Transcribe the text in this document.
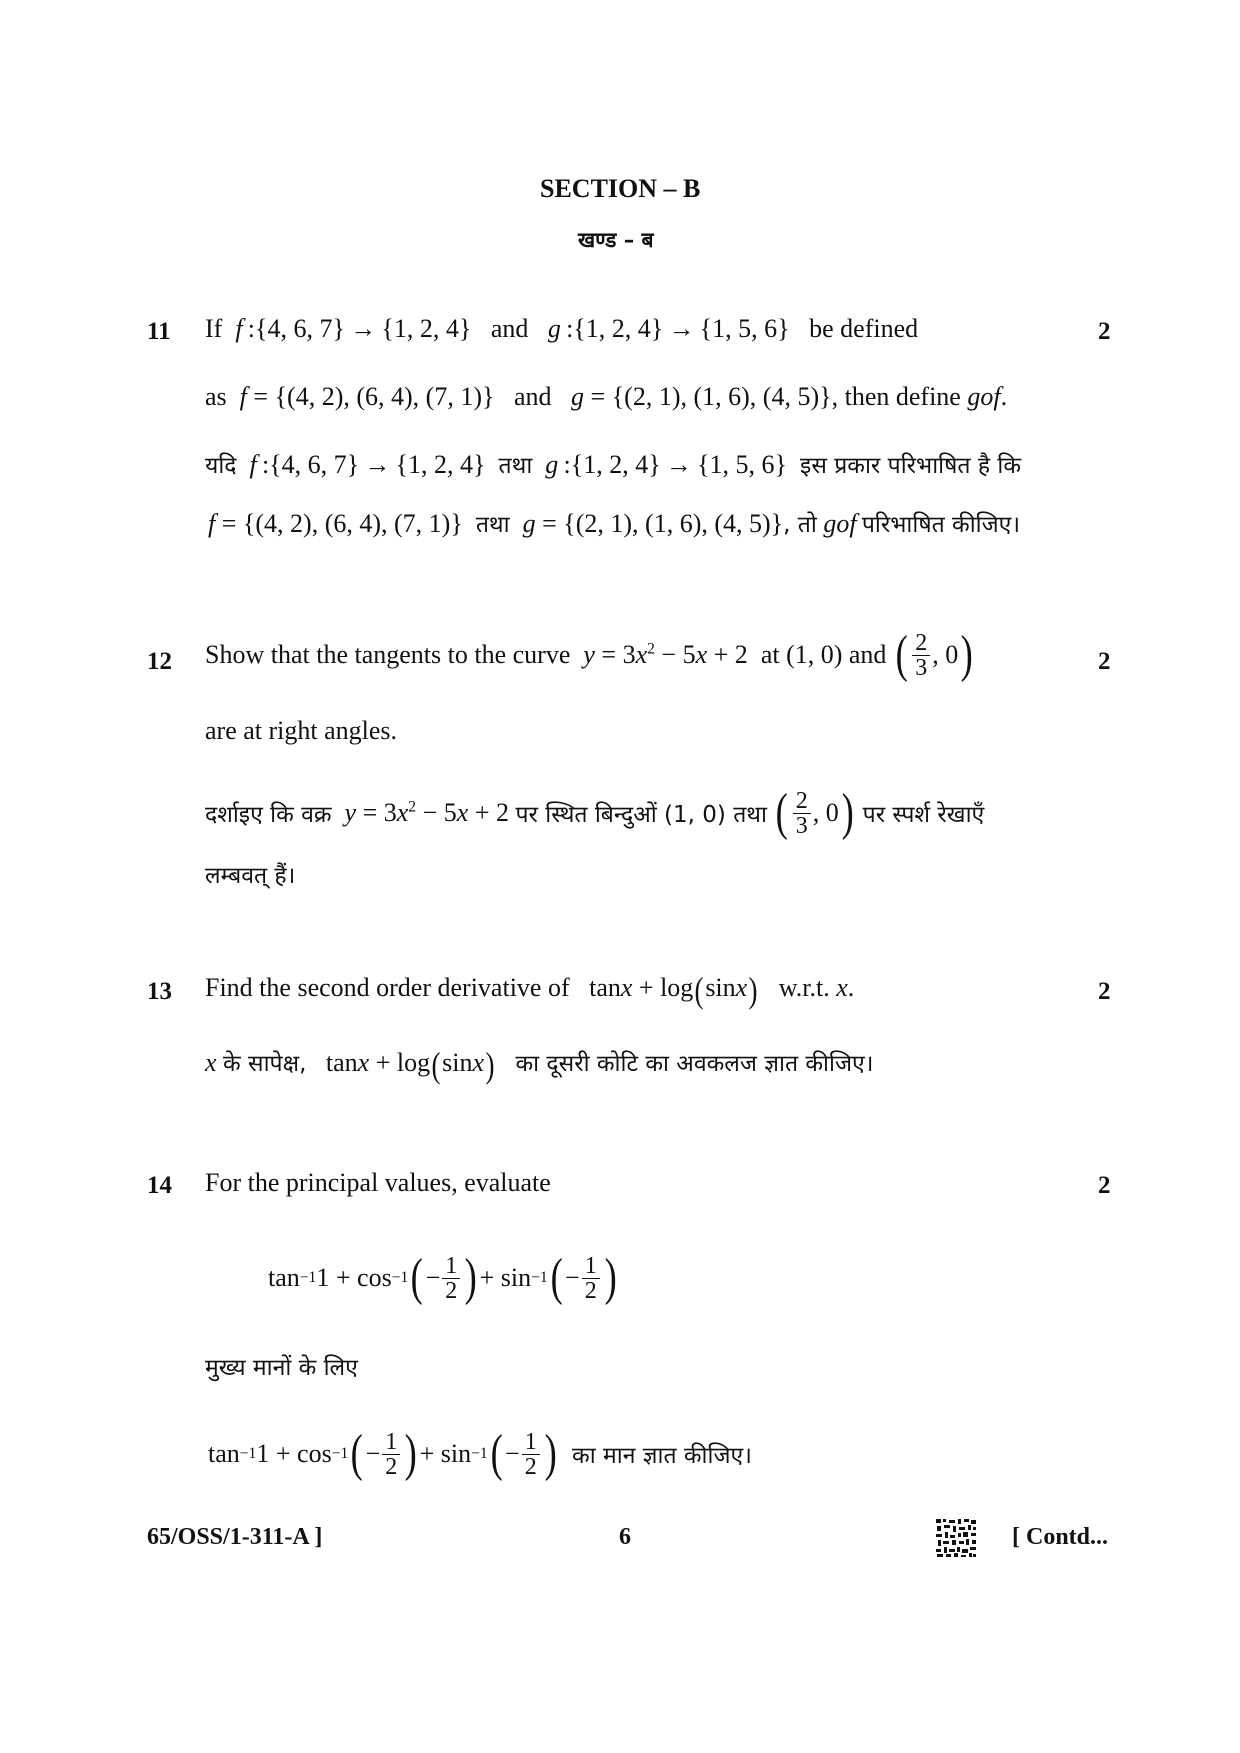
SECTION – B
खण्ड – ब
11	2
If f :{4, 6, 7} → {1, 2, 4}   and g :{1, 2, 4} → {1, 5, 6}   be defined
as f = {(4, 2), (6, 4), (7, 1)}   and g = {(2, 1), (1, 6), (4, 5)}, then define gof.
यदि f :{4, 6, 7} → {1, 2, 4}  तथा g :{1, 2, 4} → {1, 5, 6}  इस प्रकार परिभाषित है कि
f = {(4, 2), (6, 4), (7, 1)}  तथा g = {(2, 1), (1, 6), (4, 5)}, तो gof  परिभाषित कीजिए।
12	2
Show that the tangents to the curve
$y = 3x^2 - 5x + 2$
at (1, 0) and
( $\frac{2}{3}$ , 0 )
are at right angles.
दर्शाइए कि वक्र
$y = 3x^2 - 5x + 2$
पर स्थित बिन्दुओं (1, 0) तथा
( $\frac{2}{3}$ , 0 )
पर स्पर्श रेखाएँ
लम्बवत् हैं।
13	2
Find the second order derivative of tanx + log(sinx) w.r.t. x.
x के सापेक्ष, tanx + log(sinx) का दूसरी कोटि का अवकलज ज्ञात कीजिए।
14	2
For the principal values, evaluate
tan −1 1 + cos −1 ( − $\frac{1}{2}$ ) + sin −1 ( − $\frac{1}{2}$ )
मुख्य मानों के लिए
tan −1 1 + cos −1 ( − $\frac{1}{2}$ ) + sin −1 ( − $\frac{1}{2}$ )
का मान ज्ञात कीजिए।
65/OSS/1-311-A ]	6	[ Contd...
